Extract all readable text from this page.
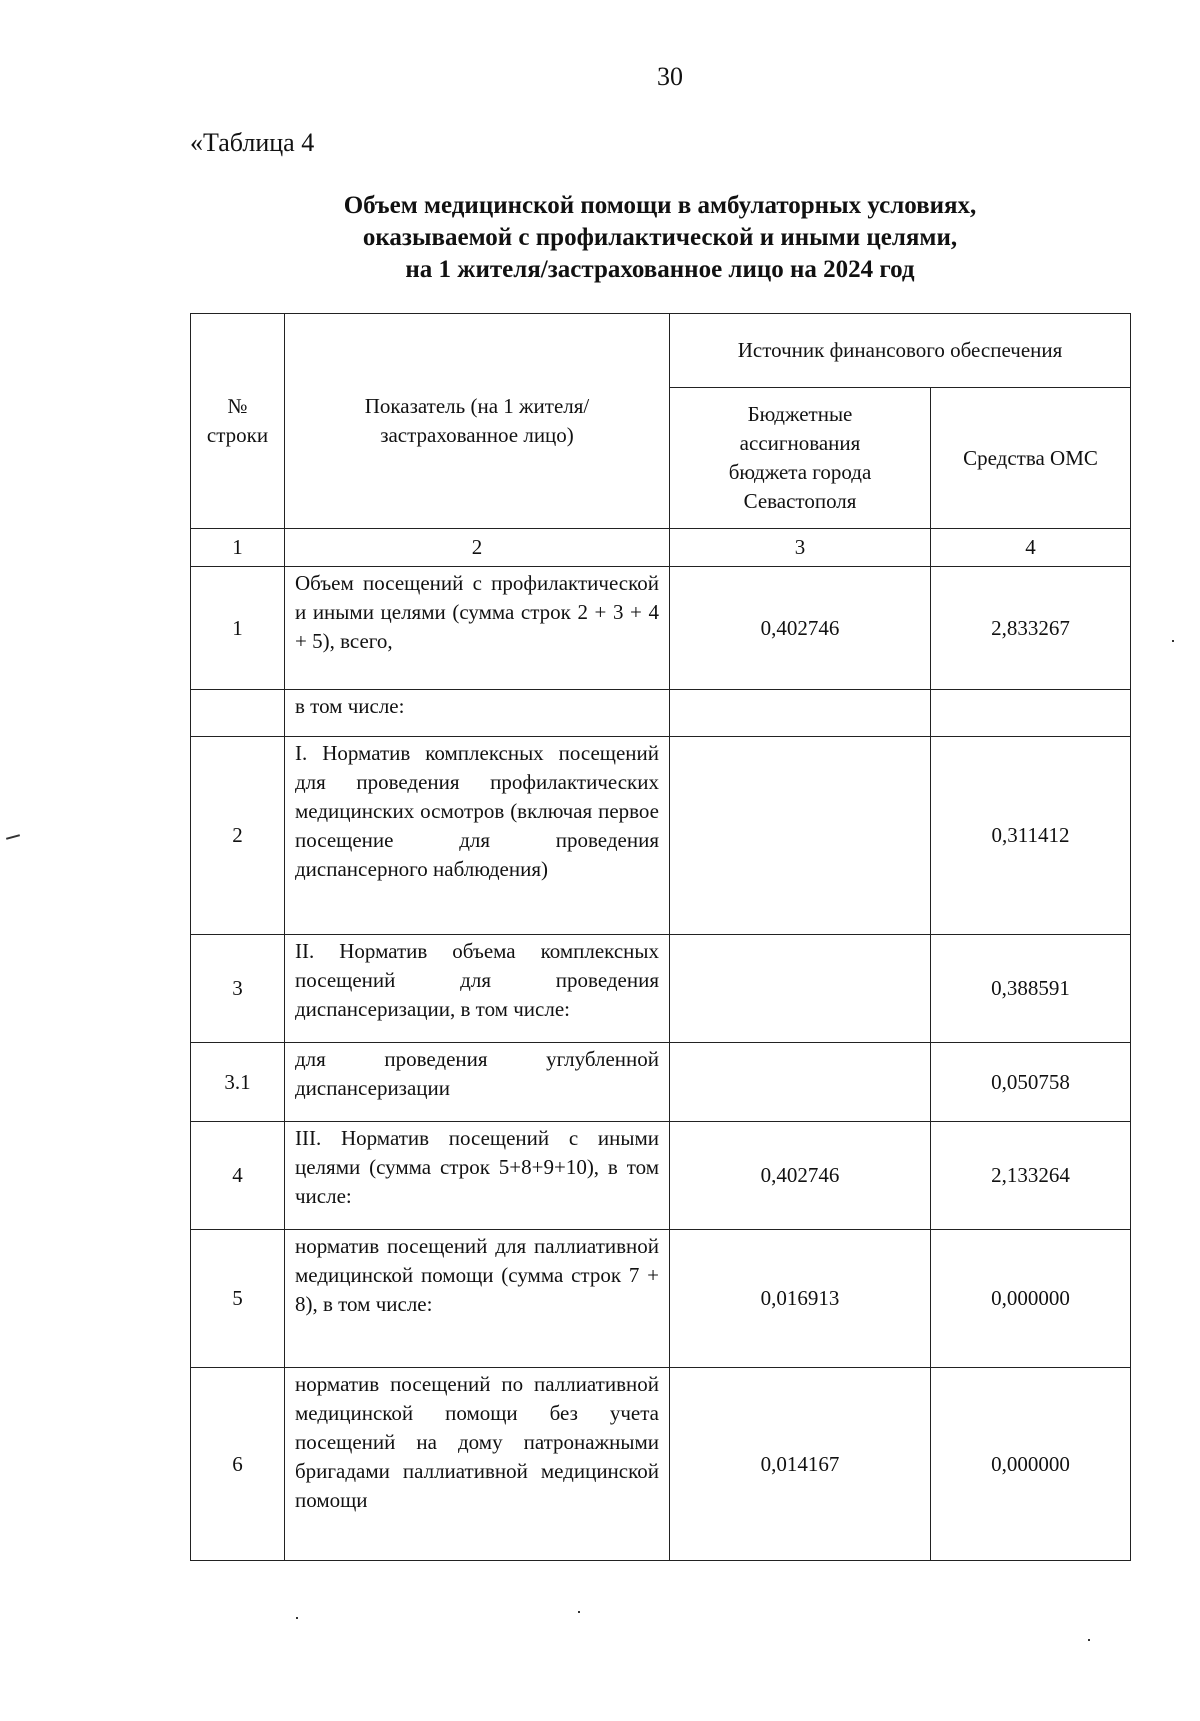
30
«Таблица 4
Объем медицинской помощи в амбулаторных условиях,
оказываемой с профилактической и иными целями,
на 1 жителя/застрахованное лицо на 2024 год
№ строки	Показатель (на 1 жителя/застрахованное лицо)	Источник финансового обеспечения	
		Бюджетные ассигнования бюджета города Севастополя	Средства ОМС
1	2	3	4
1	Объем посещений с профилактической и иными целями (сумма строк 2 + 3 + 4 + 5), всего,	0,402746	2,833267
	в том числе:		
2	I. Норматив комплексных посещений для проведения профилактических медицинских осмотров (включая первое посещение для проведения диспансерного наблюдения)		0,311412
3	II. Норматив объема комплексных посещений для проведения диспансеризации, в том числе:		0,388591
3.1	для проведения углубленной диспансеризации		0,050758
4	III. Норматив посещений с иными целями (сумма строк 5+8+9+10), в том числе:	0,402746	2,133264
5	норматив посещений для паллиативной медицинской помощи (сумма строк 7 + 8), в том числе:	0,016913	0,000000
6	норматив посещений по паллиативной медицинской помощи без учета посещений на дому патронажными бригадами паллиативной медицинской помощи	0,014167	0,000000
